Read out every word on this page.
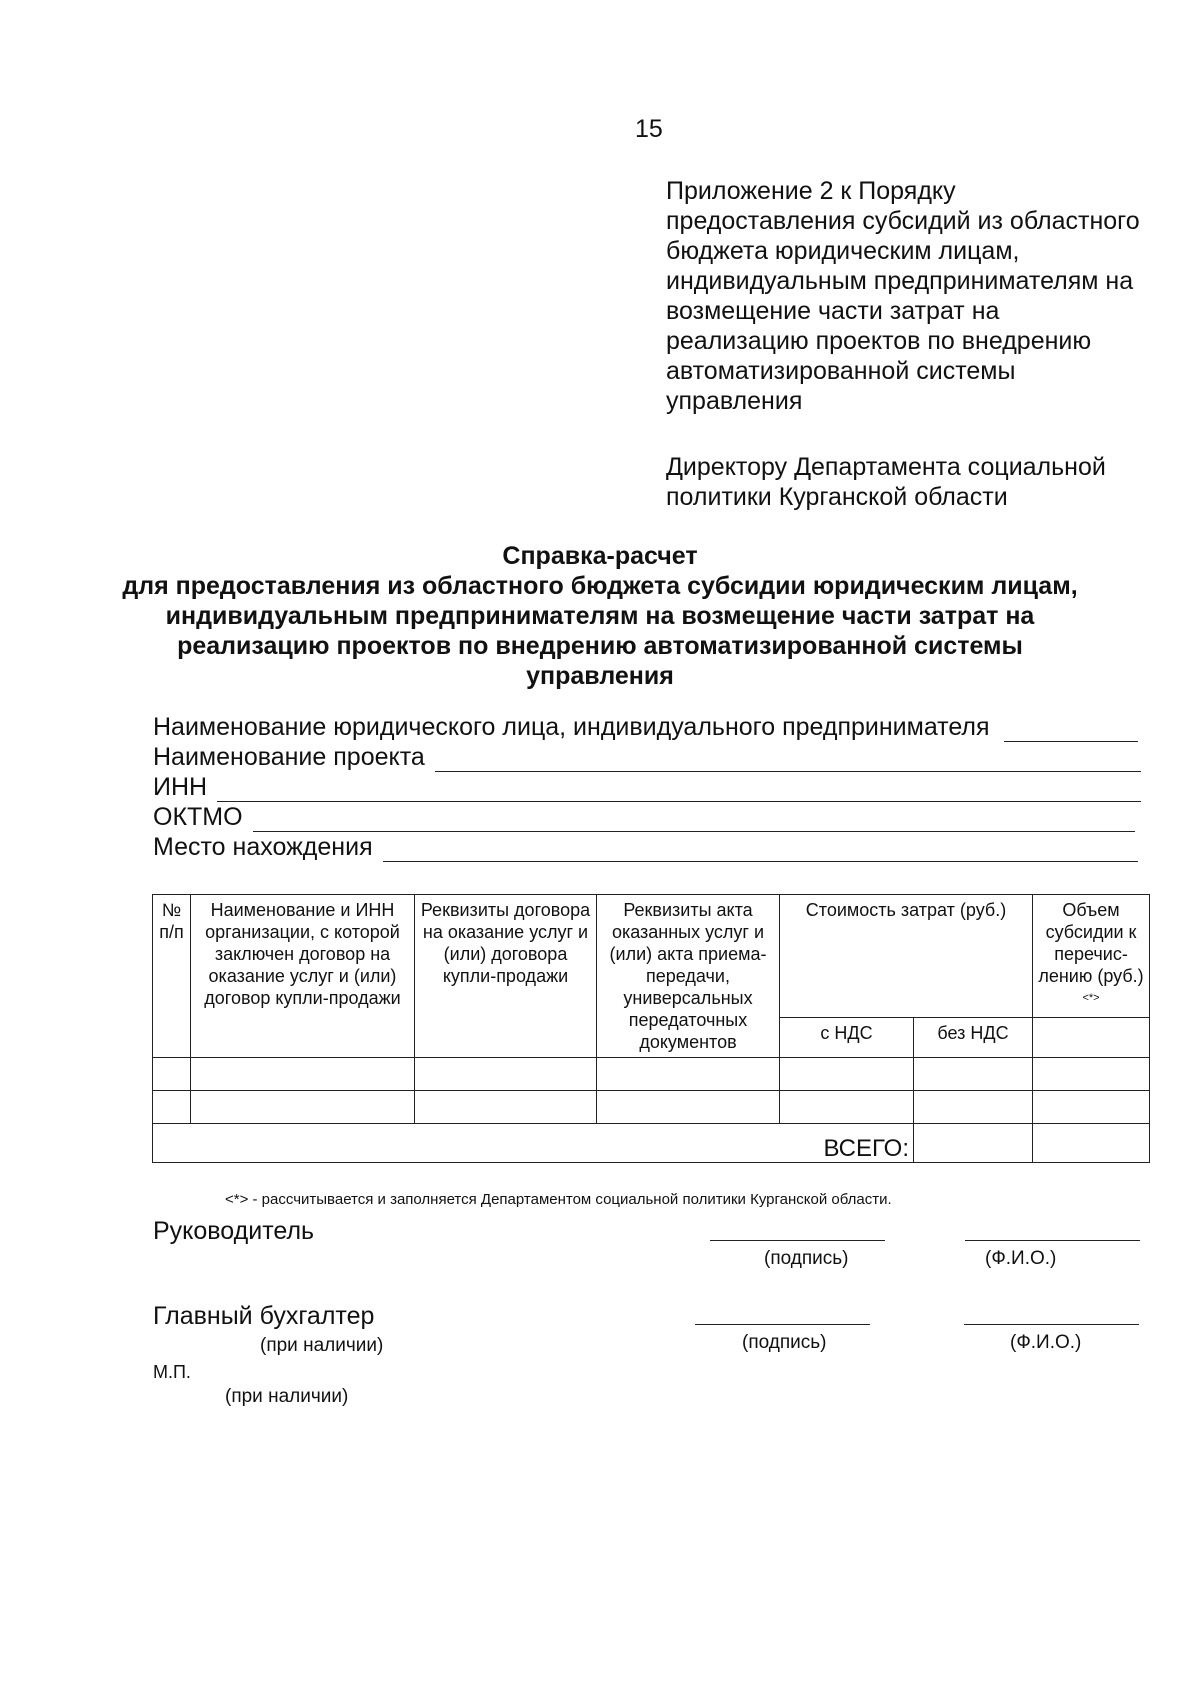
15
Приложение 2 к Порядку
предоставления субсидий из областного
бюджета юридическим лицам,
индивидуальным предпринимателям на
возмещение части затрат на
реализацию проектов по внедрению
автоматизированной системы
управления
Директору Департамента социальной
политики Курганской области
Справка-расчет
для предоставления из областного бюджета субсидии юридическим лицам,
индивидуальным предпринимателям на возмещение части затрат на
реализацию проектов по внедрению автоматизированной системы
управления
Наименование юридического лица, индивидуального предпринимателя
Наименование проекта
ИНН
ОКТМО
Место нахождения
№ п/п	Наименование и ИНН организации, с которой заключен договор на оказание услуг и (или) договор купли-продажи	Реквизиты договора на оказание услуг и (или) договора купли-продажи	Реквизиты акта оказанных услуг и (или) акта приема-передачи, универсальных передаточных документов	Стоимость затрат (руб.)		Объем субсидии к перечис-лению (руб.)<*>
				с НДС	без НДС	

ВСЕГО:						
<*> - рассчитывается и заполняется Департаментом социальной политики Курганской области.
Руководитель
(подпись)	(Ф.И.О.)
Главный бухгалтер
(при наличии)	(подпись)	(Ф.И.О.)
М.П.
(при наличии)
